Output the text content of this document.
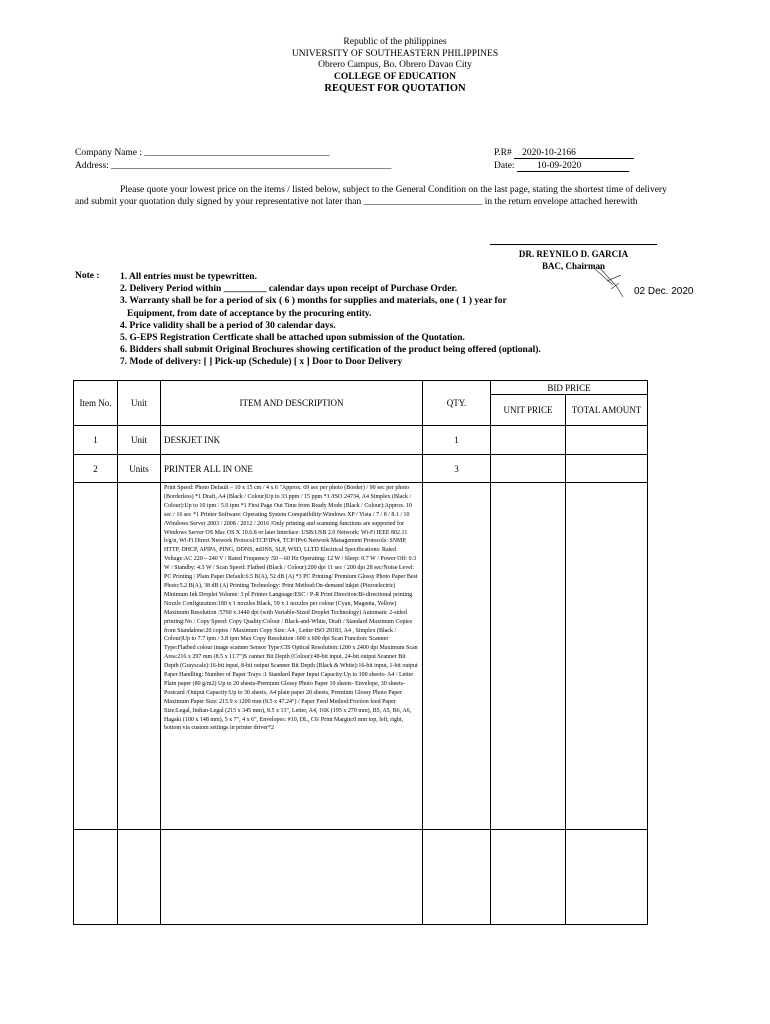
Republic of the philippines
UNIVERSITY OF SOUTHEASTERN PHILIPPINES
Obrero Campus, Bo. Obrero Davao City
COLLEGE OF EDUCATION
REQUEST FOR QUOTATION
Company Name : _______________________________________
Address: ___________________________________________________________
P.R# 2020-10-2166
Date: 10-09-2020
Please quote your lowest price on the items / listed below, subject to the General Condition on the last page, stating the shortest time of delivery and submit your quotation duly signed by your representative not later than _________________________ in the return envelope attached herewith
DR. REYNILO D. GARCIA
BAC, Chairman
02 Dec. 2020
Note : 1. All entries must be typewritten.
2. Delivery Period within _________ calendar days upon receipt of Purchase Order.
3. Warranty shall be for a period of six ( 6 ) months for supplies and materials, one ( 1 ) year for
Equipment, from date of acceptance by the procuring entity.
4. Price validity shall be a period of 30 calendar days.
5. G-EPS Registration Certficate shall be attached upon submission of the Quotation.
6. Bidders shall submit Original Brochures showing certification of the product being offered (optional).
7. Mode of delivery: [ ] Pick-up (Schedule) [ x ] Door to Door Delivery
Item No.	Unit	ITEM AND DESCRIPTION	QTY.	BID PRICE	
				UNIT PRICE	TOTAL AMOUNT
1	Unit	DESKJET INK	1		
2	Units	PRINTER ALL IN ONE	3		
		Print Speed: Photo Default – 10 x 15 cm / 4 x 6 "Approx. 69 sec per photo (Border) / 90 sec per photo (Borderless) *1 Draft, A4 (Black / Colour)Up to 33 ppm / 15 ppm *1 /ISO 24734, A4 Simplex (Black / Colour):Up to 10 ipm / 5.0 ipm *1 First Page Out Time from Ready Mode (Black / Colour):Approx. 10 sec / 16 sec *1 Printer Software: Operating System Compatibility:Windows XP / Vista / 7 / 8 / 8.1 / 10 /Windows Server 2003 / 2008 / 2012 / 2016 /Only printing and scanning functions are supported for Windows Server OS Mac OS X 10.6.8 or later Interface: USB:USB 2.0 Network: Wi-Fi IEEE 802.11 b/g/n, Wi-Fi Direct Network Protocol:TCP/IPv4, TCP/IPv6 Network Management Protocols: SNMP, HTTP, DHCP, APIPA, PING, DDNS, mDNS, SLP, WSD, LLTD Electrical Specifications: Rated Voltage:AC 220 – 240 V / Rated Frequency :50 – 60 Hz Operating: 12 W / Sleep: 0.7 W / Power Off: 0.3 W / Standby: 4.3 W / Scan Speed: Flatbed (Black / Colour):200 dpi 11 sec / 200 dpi 28 sec/Noise Level: PC Printing / Plain Paper Default:6.5 B(A), 52 dB (A) *3 PC Printing/ Premium Glossy Photo Paper Best Photo:5.2 B(A), 38 dB (A) Printing Technology: Print Method:On-demand inkjet (Piezoelectric) Minimum Ink Droplet Volume: 3 pl Printer Language:ESC / P-R Print Direction:Bi-directional printing Nozzle Configuration:180 x 1 nozzles Black, 59 x 1 nozzles per colour (Cyan, Magenta, Yellow) Maximum Resolution :5760 x 1440 dpi (with Variable-Sized Droplet Technology) Automatic 2-sided printing:No / Copy Speed: Copy Quality:Colour / Black-and-White, Draft / Standard Maximum Copies from Standalone:20 copies / Maximum Copy Size: A4 , Letter ISO 29183, A4 , Simplex (Black / Colour)Up to 7.7 ipm / 3.8 ipm Max Copy Resolution :600 x 600 dpi Scan Function: Scanner Type:Flatbed colour image scanner Sensor Type:CIS Optical Resolution:1200 x 2400 dpi Maximum Scan Area:216 x 297 mm (8.5 x 11.7")S canner Bit Depth (Colour):48-bit input, 24-bit output Scanner Bit Depth (Grayscale):16-bit input, 8-bit output Scanner Bit Depth (Black & White):16-bit input, 1-bit output Paper Handling: Number of Paper Trays :1 Standard Paper Input Capacity:Up to 100 sheets- A4 / Letter Plain paper (80 g/m2) Up to 20 sheets-Premium Glossy Photo Paper 10 sheets- Envelope, 30 sheets- Postcard /Output Capacity:Up to 30 sheets, A4 plain paper 20 sheets, Premium Glossy Photo Paper Maximum Paper Size: 215.9 x 1200 mm (8.5 x 47.24") / Paper Feed Method:Friction feed Paper Size:Legal, Indian-Legal (215 x 345 mm), 8.5 x 13", Letter, A4, 16K (195 x 270 mm), B5, A5, B6, A6, Hagaki (100 x 148 mm), 5 x 7", 4 x 6", Envelopes: #10, DL, C6/ Print Margin:0 mm top, left, right, bottom via custom settings in printer driver*2			
